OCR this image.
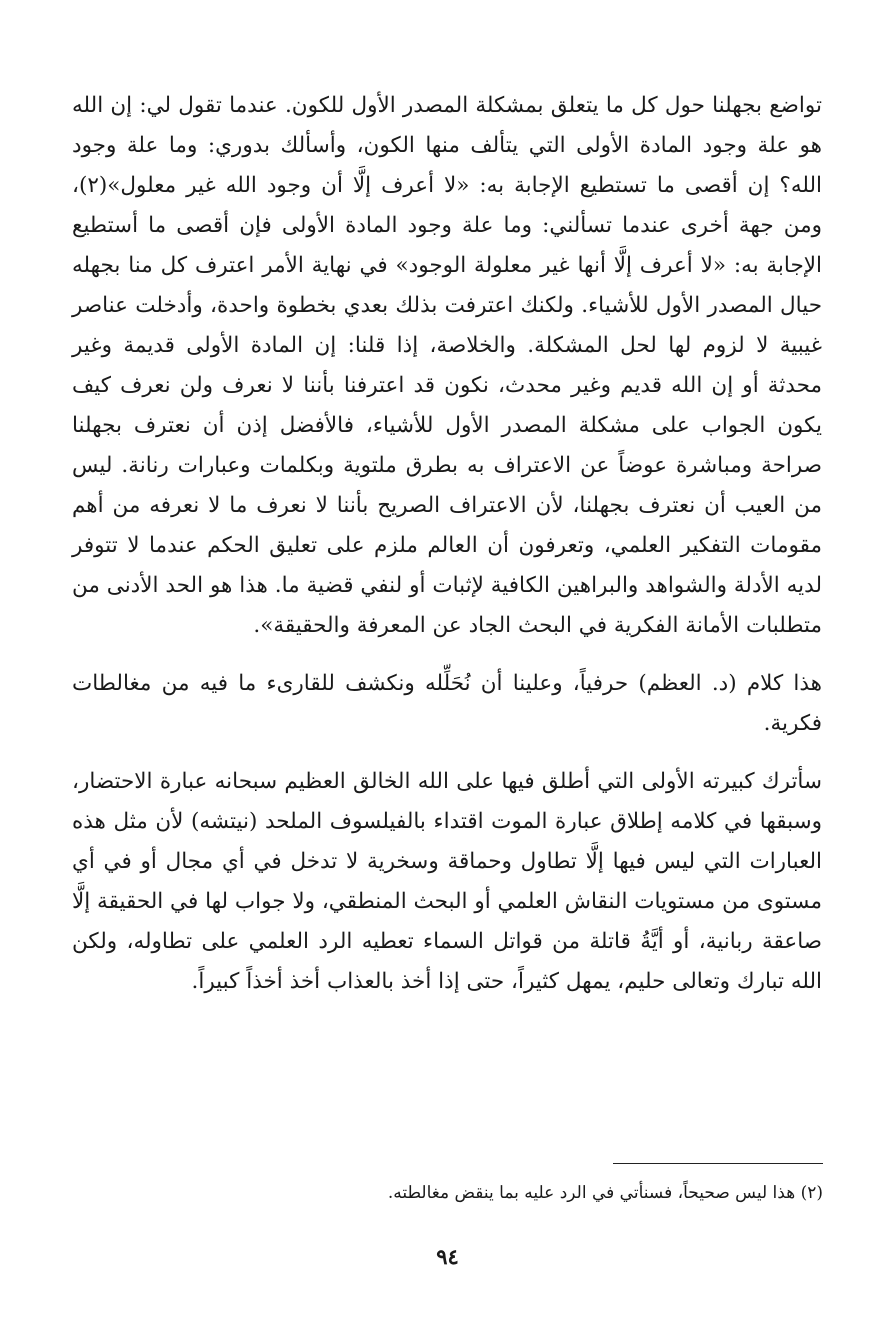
تواضع بجهلنا حول كل ما يتعلق بمشكلة المصدر الأول للكون. عندما تقول لي: إن الله هو علة وجود المادة الأولى التي يتألف منها الكون، وأسألك بدوري: وما علة وجود الله؟ إن أقصى ما تستطيع الإجابة به: «لا أعرف إلَّا أن وجود الله غير معلول»(٢)، ومن جهة أخرى عندما تسألني: وما علة وجود المادة الأولى فإن أقصى ما أستطيع الإجابة به: «لا أعرف إلَّا أنها غير معلولة الوجود» في نهاية الأمر اعترف كل منا بجهله حيال المصدر الأول للأشياء. ولكنك اعترفت بذلك بعدي بخطوة واحدة، وأدخلت عناصر غيبية لا لزوم لها لحل المشكلة. والخلاصة، إذا قلنا: إن المادة الأولى قديمة وغير محدثة أو إن الله قديم وغير محدث، نكون قد اعترفنا بأننا لا نعرف ولن نعرف كيف يكون الجواب على مشكلة المصدر الأول للأشياء، فالأفضل إذن أن نعترف بجهلنا صراحة ومباشرة عوضاً عن الاعتراف به بطرق ملتوية وبكلمات وعبارات رنانة. ليس من العيب أن نعترف بجهلنا، لأن الاعتراف الصريح بأننا لا نعرف ما لا نعرفه من أهم مقومات التفكير العلمي، وتعرفون أن العالم ملزم على تعليق الحكم عندما لا تتوفر لديه الأدلة والشواهد والبراهين الكافية لإثبات أو لنفي قضية ما. هذا هو الحد الأدنى من متطلبات الأمانة الفكرية في البحث الجاد عن المعرفة والحقيقة».

هذا كلام (د. العظم) حرفياً، وعلينا أن نُحَلِّله ونكشف للقارىء ما فيه من مغالطات فكرية.

سأترك كبيرته الأولى التي أطلق فيها على الله الخالق العظيم سبحانه عبارة الاحتضار، وسبقها في كلامه إطلاق عبارة الموت اقتداء بالفيلسوف الملحد (نيتشه) لأن مثل هذه العبارات التي ليس فيها إلَّا تطاول وحماقة وسخرية لا تدخل في أي مجال أو في أي مستوى من مستويات النقاش العلمي أو البحث المنطقي، ولا جواب لها في الحقيقة إلَّا صاعقة ربانية، أو أيَّةُ قاتلة من قواتل السماء تعطيه الرد العلمي على تطاوله، ولكن الله تبارك وتعالى حليم، يمهل كثيراً، حتى إذا أخذ بالعذاب أخذ أخذاً كبيراً.

(٢) هذا ليس صحيحاً، فسنأتي في الرد عليه بما ينقض مغالطته.
٩٤
